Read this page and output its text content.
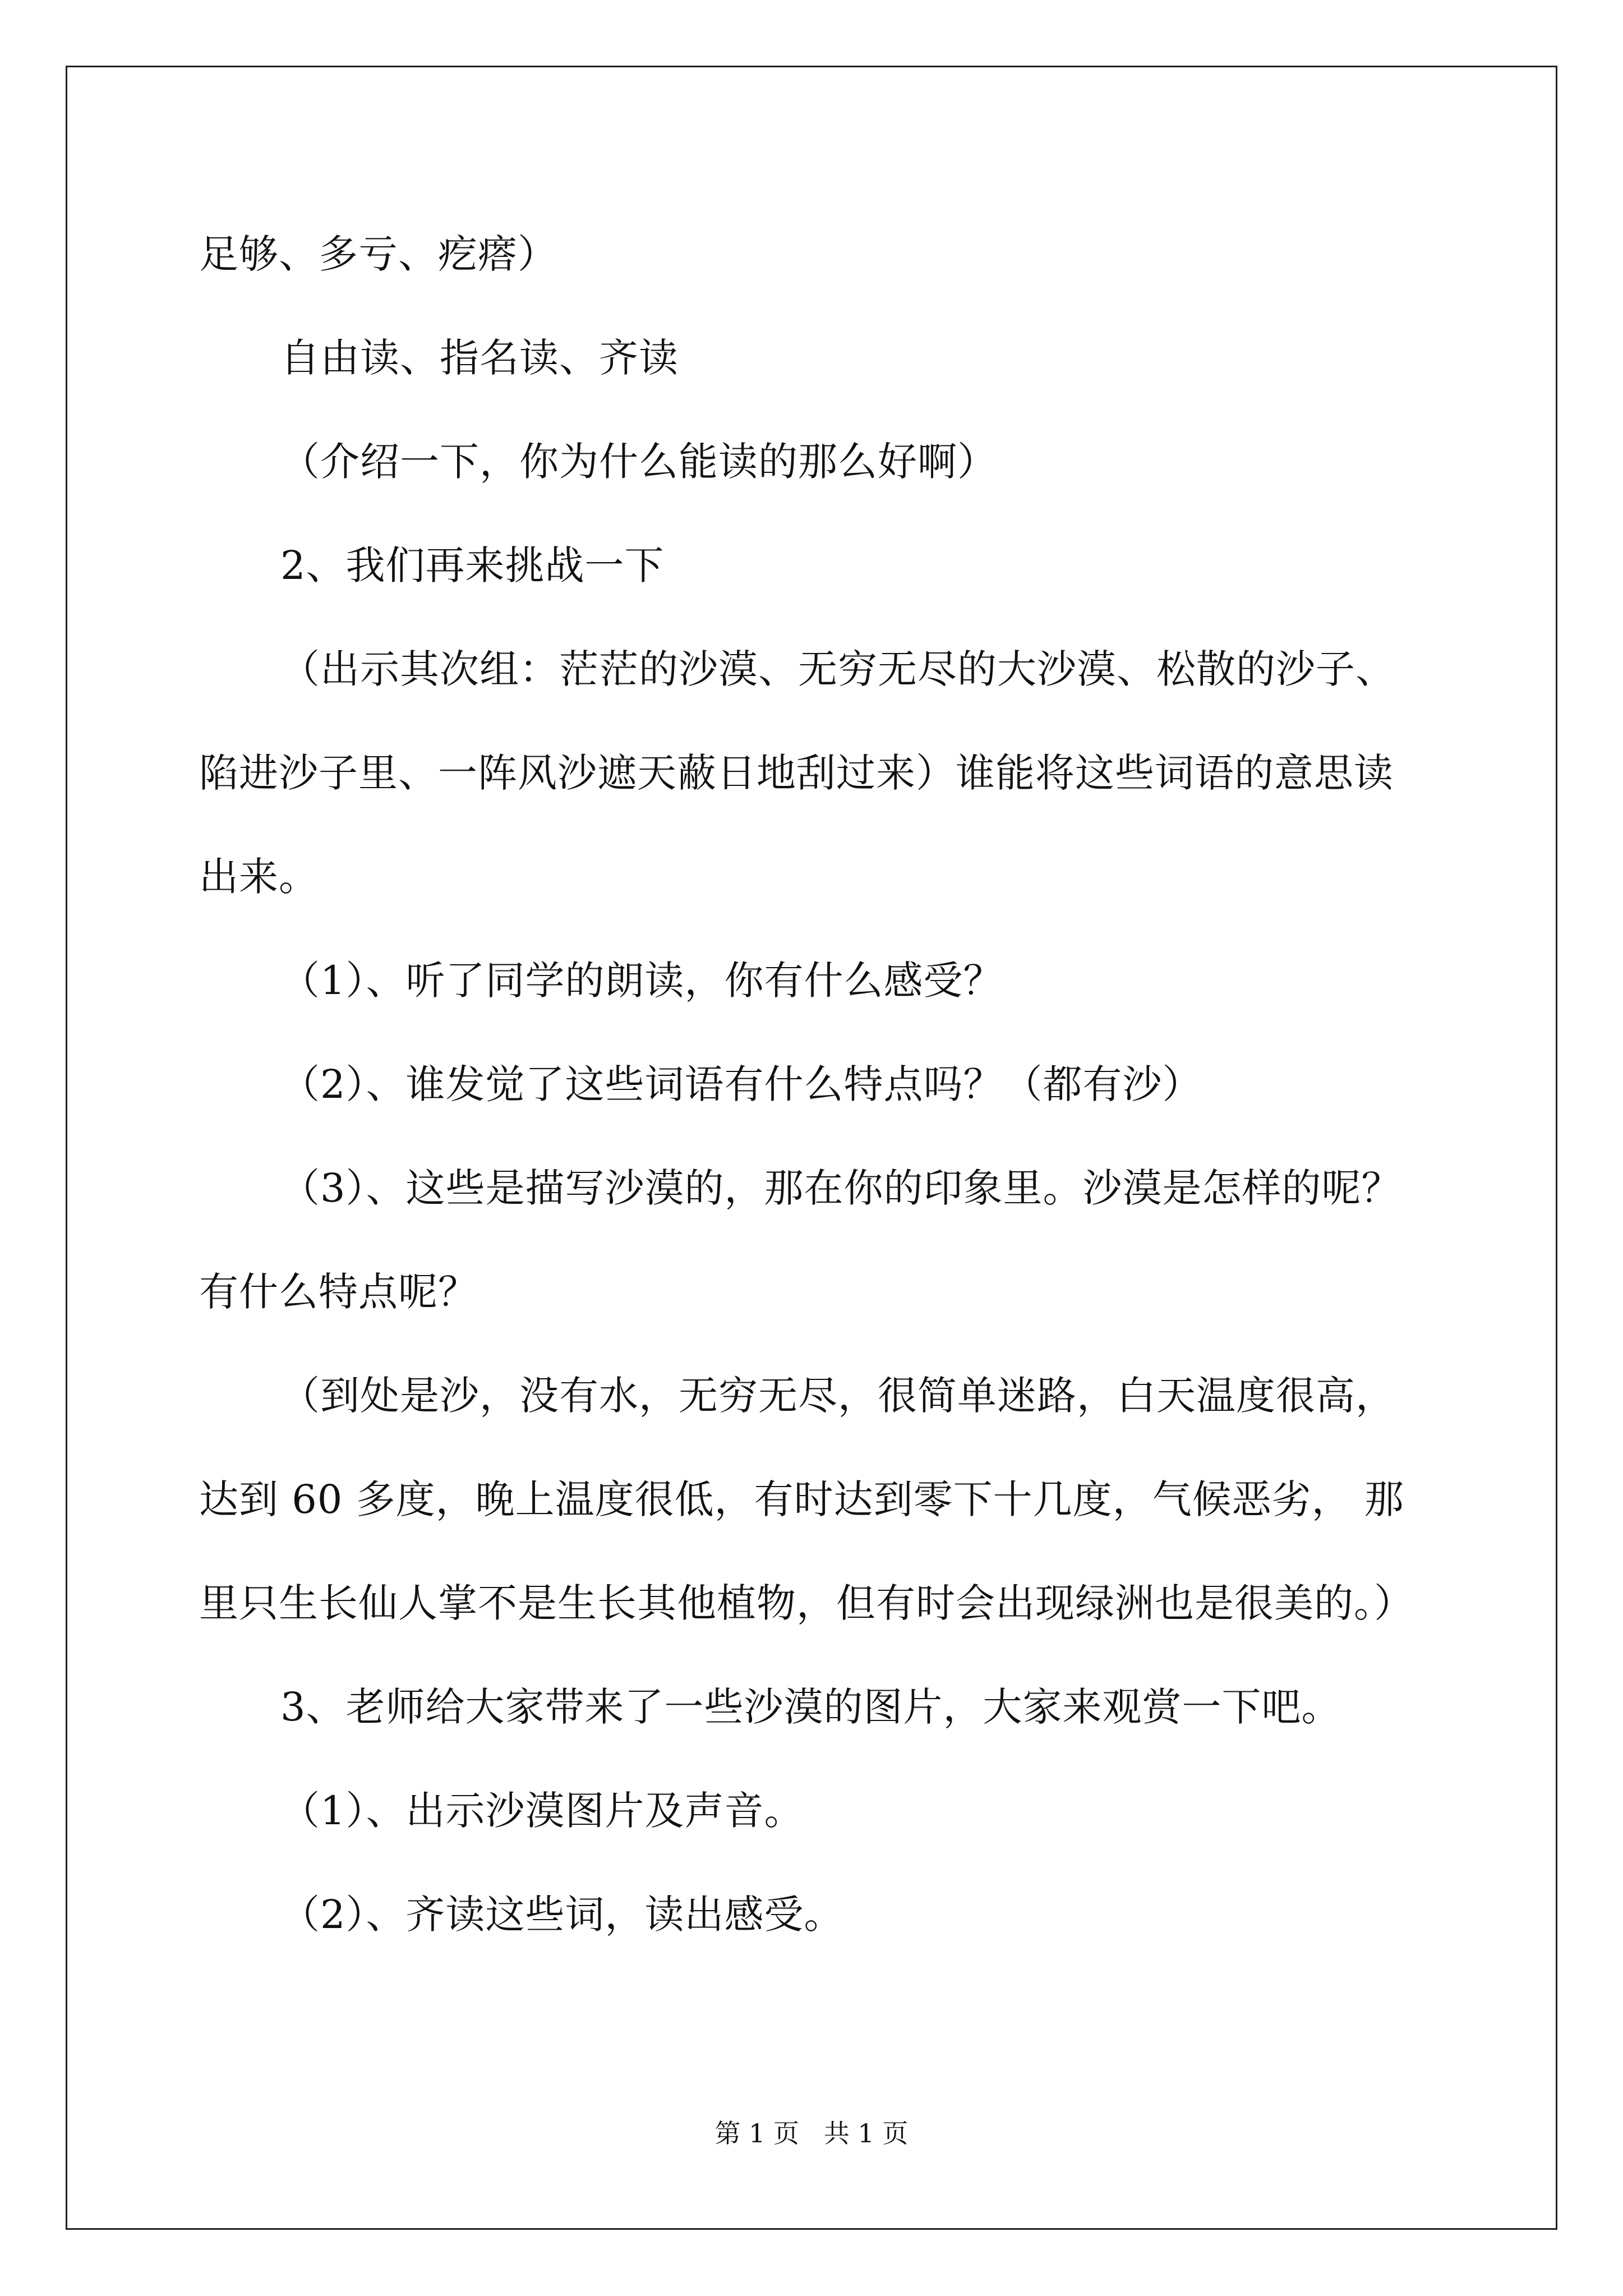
足够、多亏、疙瘩）
自由读、指名读、齐读
（介绍一下，你为什么能读的那么好啊）
2、我们再来挑战一下
（出示其次组：茫茫的沙漠、无穷无尽的大沙漠、松散的沙子、
陷进沙子里、一阵风沙遮天蔽日地刮过来）谁能将这些词语的意思读
出来。
（1）、听了同学的朗读，你有什么感受？
（2）、谁发觉了这些词语有什么特点吗？（都有沙）
（3）、这些是描写沙漠的，那在你的印象里。沙漠是怎样的呢？
有什么特点呢？
（到处是沙，没有水，无穷无尽，很简单迷路，白天温度很高，
达到 60 多度，晚上温度很低，有时达到零下十几度，气候恶劣， 那
里只生长仙人掌不是生长其他植物，但有时会出现绿洲也是很美的。）
3、老师给大家带来了一些沙漠的图片，大家来观赏一下吧。
（1）、出示沙漠图片及声音。
（2）、齐读这些词，读出感受。
第 1 页   共 1 页
